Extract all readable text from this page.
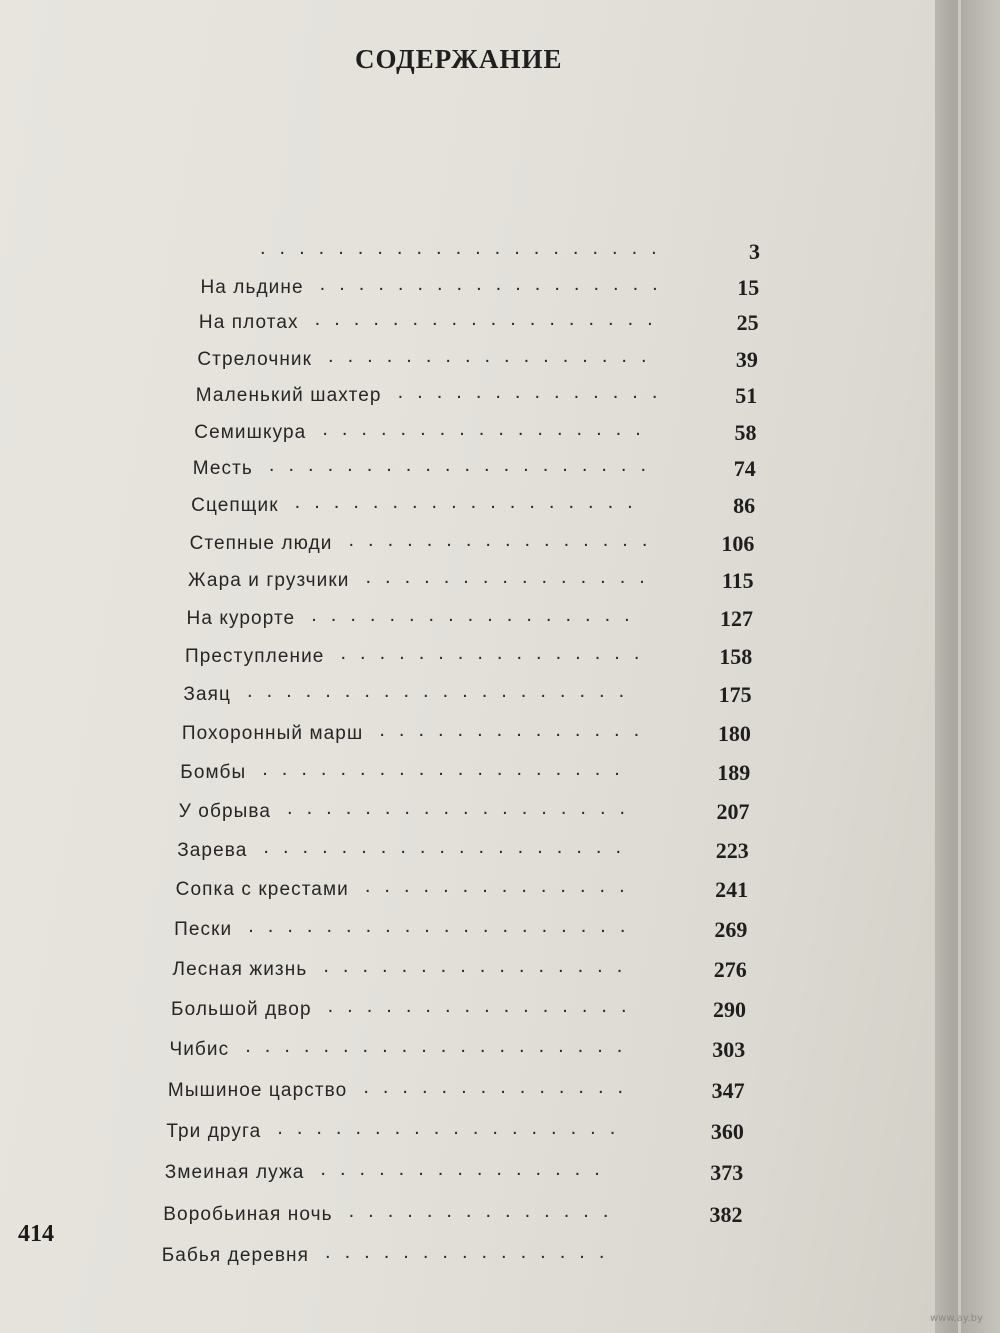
СОДЕРЖАНИЕ
.....................	3
На льдине ..................	15
На плотах ..................	25
Стрелочник .................	39
Маленький шахтер ..............	51
Семишкура .................	58
Месть ....................	74
Сцепщик ..................	86
Степные люди ................	106
Жара и грузчики ...............	115
На курорте .................	127
Преступление ................	158
Заяц ....................	175
Похоронный марш ..............	180
Бомбы ...................	189
У обрыва ..................	207
Зарева ...................	223
Сопка с крестами ..............	241
Пески ....................	269
Лесная жизнь ................	276
Большой двор ................	290
Чибис ....................	303
Мышиное царство ..............	347
Три друга ..................	360
Змеиная лужа ...............	373
Воробьиная ночь ..............	382
Бабья деревня ...............
414
www.ay.by
